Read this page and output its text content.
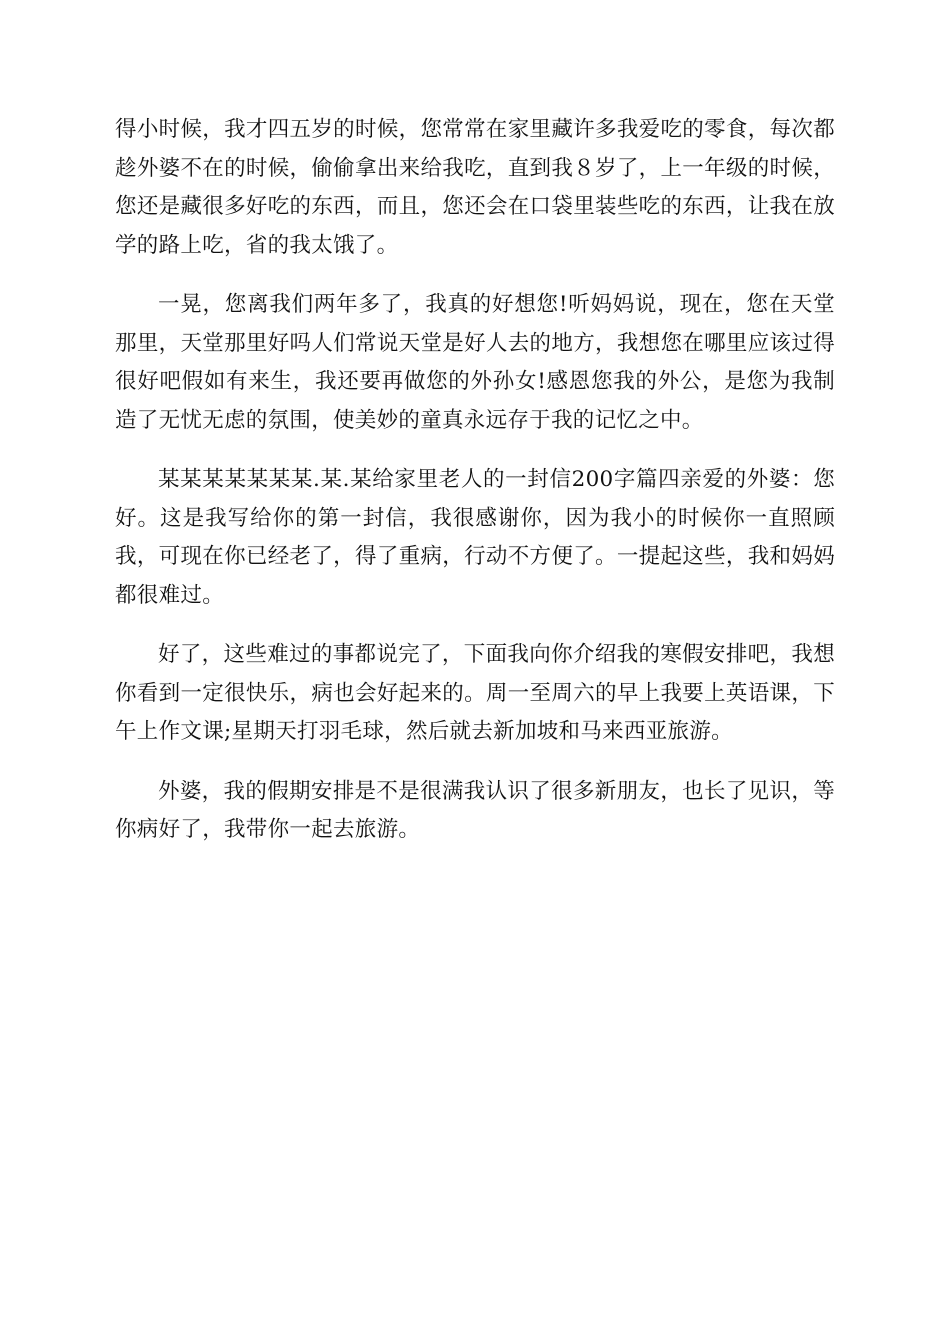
得小时候，我才四五岁的时候，您常常在家里藏许多我爱吃的零食，每次都趁外婆不在的时候，偷偷拿出来给我吃，直到我８岁了，上一年级的时候，您还是藏很多好吃的东西，而且，您还会在口袋里装些吃的东西，让我在放学的路上吃，省的我太饿了。

一晃，您离我们两年多了，我真的好想您!听妈妈说，现在，您在天堂那里，天堂那里好吗人们常说天堂是好人去的地方，我想您在哪里应该过得很好吧假如有来生，我还要再做您的外孙女!感恩您我的外公，是您为我制造了无忧无虑的氛围，使美妙的童真永远存于我的记忆之中。

某某某某某某某.某.某给家里老人的一封信200字篇四亲爱的外婆：您好。这是我写给你的第一封信，我很感谢你，因为我小的时候你一直照顾我，可现在你已经老了，得了重病，行动不方便了。一提起这些，我和妈妈都很难过。

好了，这些难过的事都说完了，下面我向你介绍我的寒假安排吧，我想你看到一定很快乐，病也会好起来的。周一至周六的早上我要上英语课，下午上作文课;星期天打羽毛球，然后就去新加坡和马来西亚旅游。

外婆，我的假期安排是不是很满我认识了很多新朋友，也长了见识，等你病好了，我带你一起去旅游。
